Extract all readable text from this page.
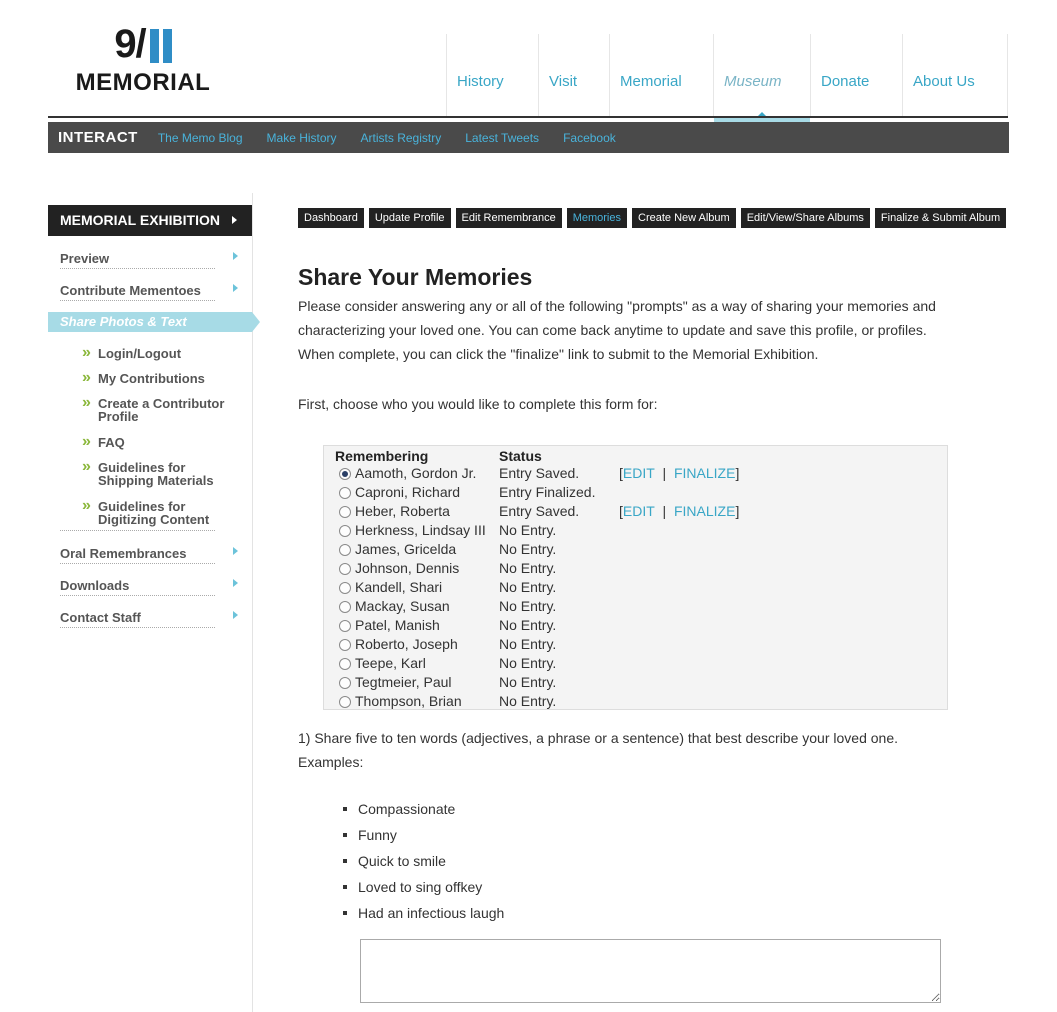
9/
MEMORIAL	History	Visit	Memorial	Museum	Donate	About Us
INTERACT The Memo Blog Make History Artists Registry Latest Tweets Facebook
MEMORIAL EXHIBITION
Preview
Contribute Mementoes
Share Photos & Text
» Login/Logout
» My Contributions
» Create a Contributor Profile
» FAQ
» Guidelines for Shipping Materials
» Guidelines for Digitizing Content
Oral Remembrances
Downloads
Contact Staff
Dashboard	Update Profile	Edit Remembrance	Memories	Create New Album	Edit/View/Share Albums	Finalize & Submit Album
Share Your Memories
Please consider answering any or all of the following "prompts" as a way of sharing your memories and characterizing your loved one. You can come back anytime to update and save this profile, or profiles. When complete, you can click the "finalize" link to submit to the Memorial Exhibition.
First, choose who you would like to complete this form for:
Remembering	Status
Aamoth, Gordon Jr. Entry Saved.	[EDIT  |  FINALIZE]
Caproni, Richard	Entry Finalized.
Heber, Roberta	Entry Saved.	[EDIT  |  FINALIZE]
Herkness, Lindsay III No Entry.
James, Gricelda	No Entry.
Johnson, Dennis	No Entry.
Kandell, Shari	No Entry.
Mackay, Susan	No Entry.
Patel, Manish	No Entry.
Roberto, Joseph	No Entry.
Teepe, Karl	No Entry.
Tegtmeier, Paul	No Entry.
Thompson, Brian	No Entry.
1) Share five to ten words (adjectives, a phrase or a sentence) that best describe your loved one. Examples:
Compassionate
Funny
Quick to smile
Loved to sing offkey
Had an infectious laugh
